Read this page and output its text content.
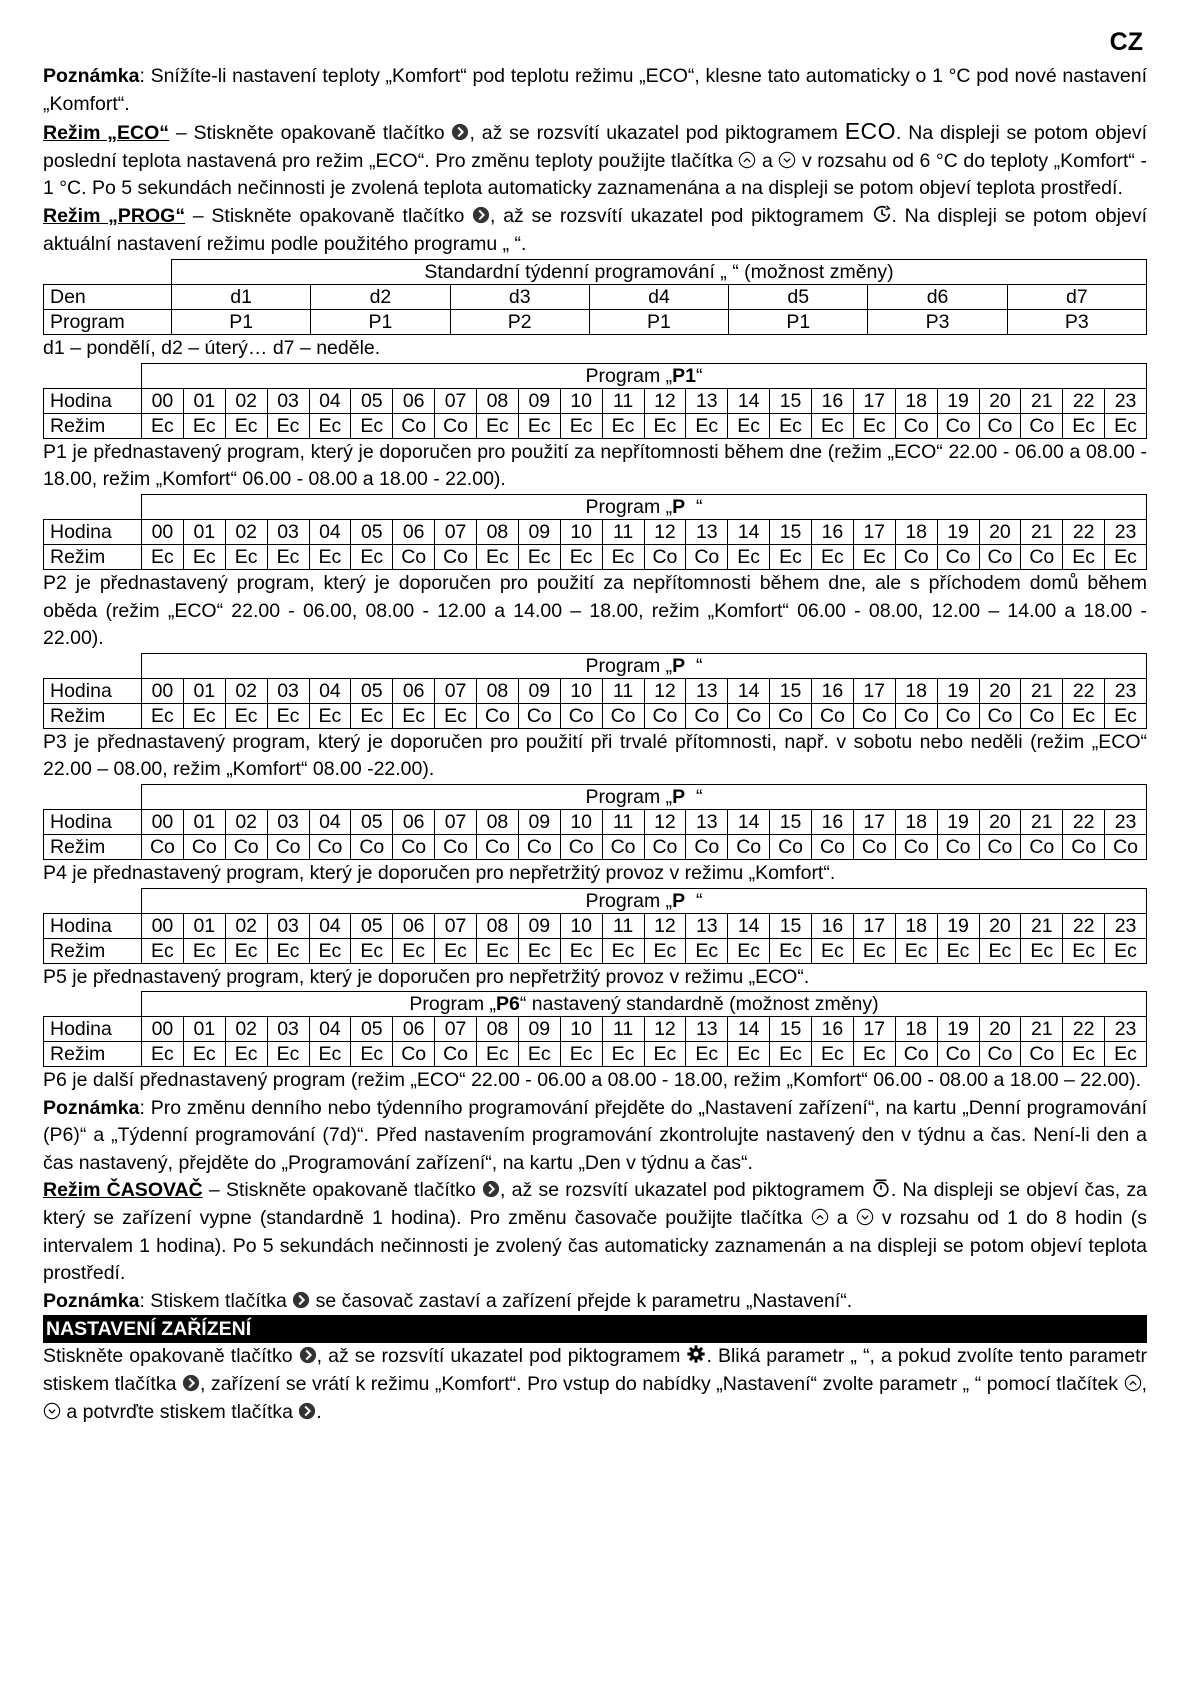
CZ

Poznámka: Snížíte-li nastavení teploty „Komfort“ pod teplotu režimu „ECO“, klesne tato automaticky o 1 °C pod nové nastavení „Komfort“.

Režim „ECO“ – Stiskněte opakovaně tlačítko , až se rozsvítí ukazatel pod piktogramem ECO. Na displeji se potom objeví poslední teplota nastavená pro režim „ECO“. Pro změnu teploty použijte tlačítka  a  v rozsahu od 6 °C do teploty „Komfort“ - 1 °C. Po 5 sekundách nečinnosti je zvolená teplota automaticky zaznamenána a na displeji se potom objeví teplota prostředí.

Režim „PROG“ – Stiskněte opakovaně tlačítko , až se rozsvítí ukazatel pod piktogramem . Na displeji se potom objeví aktuální nastavení režimu podle použitého programu „ “.

	Standardní týdenní programování „ “ (možnost změny)						
Den	d1	d2	d3	d4	d5	d6	d7
Program	P1	P1	P2	P1	P1	P3	P3

d1 – pondělí, d2 – úterý… d7 – neděle.

	Program „P1“																							
Hodina	00	01	02	03	04	05	06	07	08	09	10	11	12	13	14	15	16	17	18	19	20	21	22	23
Režim	Ec	Ec	Ec	Ec	Ec	Ec	Co	Co	Ec	Ec	Ec	Ec	Ec	Ec	Ec	Ec	Ec	Ec	Co	Co	Co	Co	Ec	Ec

P1 je přednastavený program, který je doporučen pro použití za nepřítomnosti během dne (režim „ECO“ 22.00 - 06.00 a 08.00 - 18.00, režim „Komfort“ 06.00 - 08.00 a 18.00 - 22.00).

	Program „P  “																							
Hodina	00	01	02	03	04	05	06	07	08	09	10	11	12	13	14	15	16	17	18	19	20	21	22	23
Režim	Ec	Ec	Ec	Ec	Ec	Ec	Co	Co	Ec	Ec	Ec	Ec	Co	Co	Ec	Ec	Ec	Ec	Co	Co	Co	Co	Ec	Ec

P2 je přednastavený program, který je doporučen pro použití za nepřítomnosti během dne, ale s příchodem domů během oběda (režim „ECO“ 22.00 - 06.00, 08.00 - 12.00 a 14.00 – 18.00, režim „Komfort“ 06.00 - 08.00, 12.00 – 14.00 a 18.00 - 22.00).

	Program „P  “																							
Hodina	00	01	02	03	04	05	06	07	08	09	10	11	12	13	14	15	16	17	18	19	20	21	22	23
Režim	Ec	Ec	Ec	Ec	Ec	Ec	Ec	Ec	Co	Co	Co	Co	Co	Co	Co	Co	Co	Co	Co	Co	Co	Co	Ec	Ec

P3 je přednastavený program, který je doporučen pro použití při trvalé přítomnosti, např. v sobotu nebo neděli (režim „ECO“ 22.00 – 08.00, režim „Komfort“ 08.00 -22.00).

	Program „P  “																							
Hodina	00	01	02	03	04	05	06	07	08	09	10	11	12	13	14	15	16	17	18	19	20	21	22	23
Režim	Co	Co	Co	Co	Co	Co	Co	Co	Co	Co	Co	Co	Co	Co	Co	Co	Co	Co	Co	Co	Co	Co	Co	Co

P4 je přednastavený program, který je doporučen pro nepřetržitý provoz v režimu „Komfort“.

	Program „P  “																							
Hodina	00	01	02	03	04	05	06	07	08	09	10	11	12	13	14	15	16	17	18	19	20	21	22	23
Režim	Ec	Ec	Ec	Ec	Ec	Ec	Ec	Ec	Ec	Ec	Ec	Ec	Ec	Ec	Ec	Ec	Ec	Ec	Ec	Ec	Ec	Ec	Ec	Ec

P5 je přednastavený program, který je doporučen pro nepřetržitý provoz v režimu „ECO“.

	Program „P6“ nastavený standardně (možnost změny)																							
Hodina	00	01	02	03	04	05	06	07	08	09	10	11	12	13	14	15	16	17	18	19	20	21	22	23
Režim	Ec	Ec	Ec	Ec	Ec	Ec	Co	Co	Ec	Ec	Ec	Ec	Ec	Ec	Ec	Ec	Ec	Ec	Co	Co	Co	Co	Ec	Ec

P6 je další přednastavený program (režim „ECO“ 22.00 - 06.00 a 08.00 - 18.00, režim „Komfort“ 06.00 - 08.00 a 18.00 – 22.00).

Poznámka: Pro změnu denního nebo týdenního programování přejděte do „Nastavení zařízení“, na kartu „Denní programování (P6)“ a „Týdenní programování (7d)“. Před nastavením programování zkontrolujte nastavený den v týdnu a čas. Není-li den a čas nastavený, přejděte do „Programování zařízení“, na kartu „Den v týdnu a čas“.

Režim ČASOVAČ – Stiskněte opakovaně tlačítko , až se rozsvítí ukazatel pod piktogramem . Na displeji se objeví čas, za který se zařízení vypne (standardně 1 hodina). Pro změnu časovače použijte tlačítka  a  v rozsahu od 1 do 8 hodin (s intervalem 1 hodina). Po 5 sekundách nečinnosti je zvolený čas automaticky zaznamenán a na displeji se potom objeví teplota prostředí.

Poznámka: Stiskem tlačítka  se časovač zastaví a zařízení přejde k parametru „Nastavení“.

NASTAVENÍ ZAŘÍZENÍ

Stiskněte opakovaně tlačítko , až se rozsvítí ukazatel pod piktogramem . Bliká parametr „ “, a pokud zvolíte tento parametr stiskem tlačítka , zařízení se vrátí k režimu „Komfort“. Pro vstup do nabídky „Nastavení“ zvolte parametr „ “ pomocí tlačítek ,  a potvrďte stiskem tlačítka .
